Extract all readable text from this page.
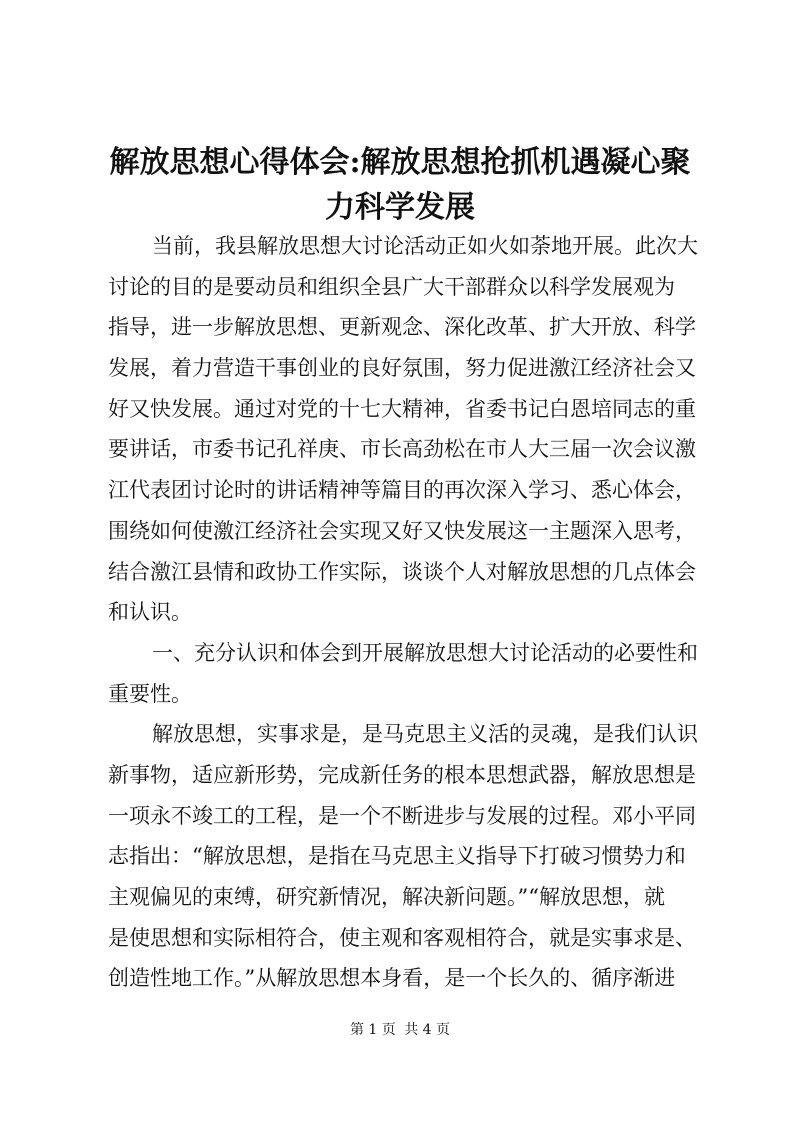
解放思想心得体会:解放思想抢抓机遇凝心聚
力科学发展
当前，我县解放思想大讨论活动正如火如荼地开展。此次大
讨论的目的是要动员和组织全县广大干部群众以科学发展观为
指导，进一步解放思想、更新观念、深化改革、扩大开放、科学
发展，着力营造干事创业的良好氛围，努力促进激江经济社会又
好又快发展。通过对党的十七大精神，省委书记白恩培同志的重
要讲话，市委书记孔祥庚、市长高劲松在市人大三届一次会议激
江代表团讨论时的讲话精神等篇目的再次深入学习、悉心体会，
围绕如何使激江经济社会实现又好又快发展这一主题深入思考，
结合激江县情和政协工作实际，谈谈个人对解放思想的几点体会
和认识。
一、充分认识和体会到开展解放思想大讨论活动的必要性和
重要性。
解放思想，实事求是，是马克思主义活的灵魂，是我们认识
新事物，适应新形势，完成新任务的根本思想武器，解放思想是
一项永不竣工的工程，是一个不断进步与发展的过程。邓小平同
志指出：“解放思想，是指在马克思主义指导下打破习惯势力和
主观偏见的束缚，研究新情况，解决新问题。”“解放思想，就
是使思想和实际相符合，使主观和客观相符合，就是实事求是、
创造性地工作。”从解放思想本身看，是一个长久的、循序渐进
第 1 页 共 4 页
